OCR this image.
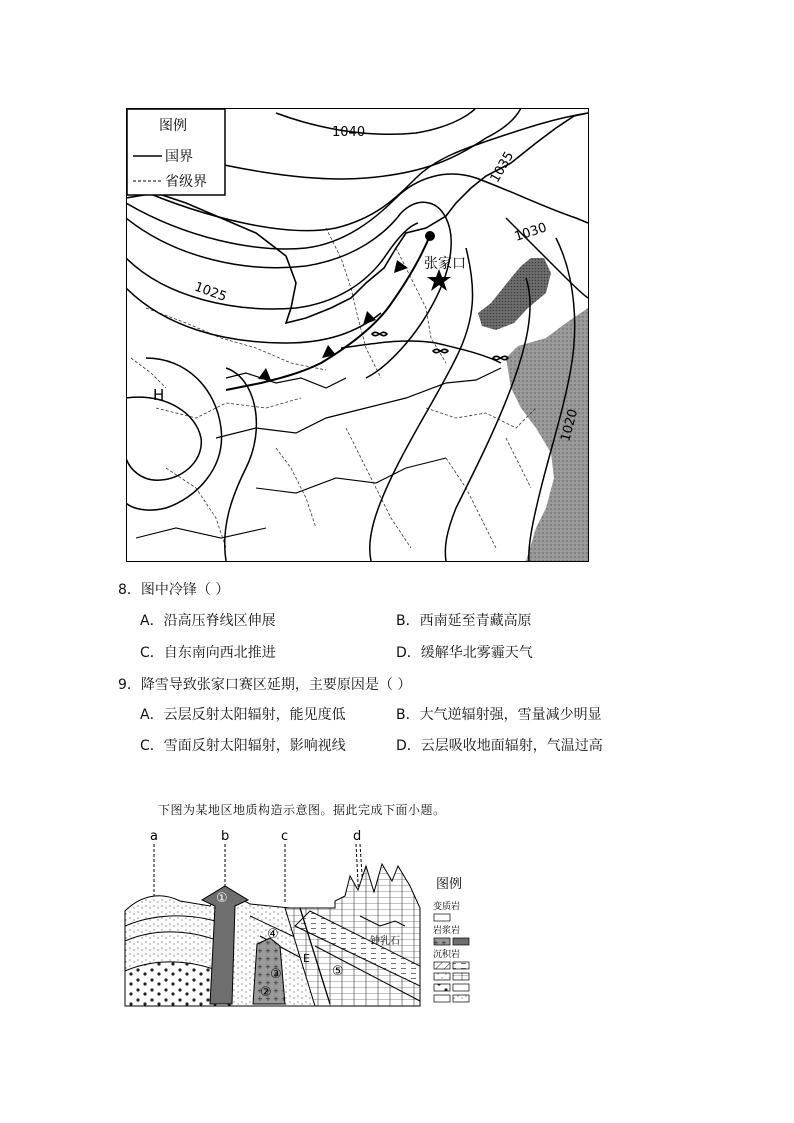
张家口
H
1040
1035
1030
1025
1020
图例
国界
省级界
8．图中冷锋（ ）
A．沿高压脊线区伸展	B．西南延至青藏高原
C．自东南向西北推进	D．缓解华北雾霾天气
9．降雪导致张家口赛区延期，主要原因是（ ）
A．云层反射太阳辐射，能见度低	B．大气逆辐射强，雪量减少明显
C．雪面反射太阳辐射，影响视线	D．云层吸收地面辐射，气温过高
下图为某地区地质构造示意图。据此完成下面小题。
a	b	c	d
①
②
③
④
⑤
E
钟乳石
图例
变质岩
岩浆岩
沉积岩
